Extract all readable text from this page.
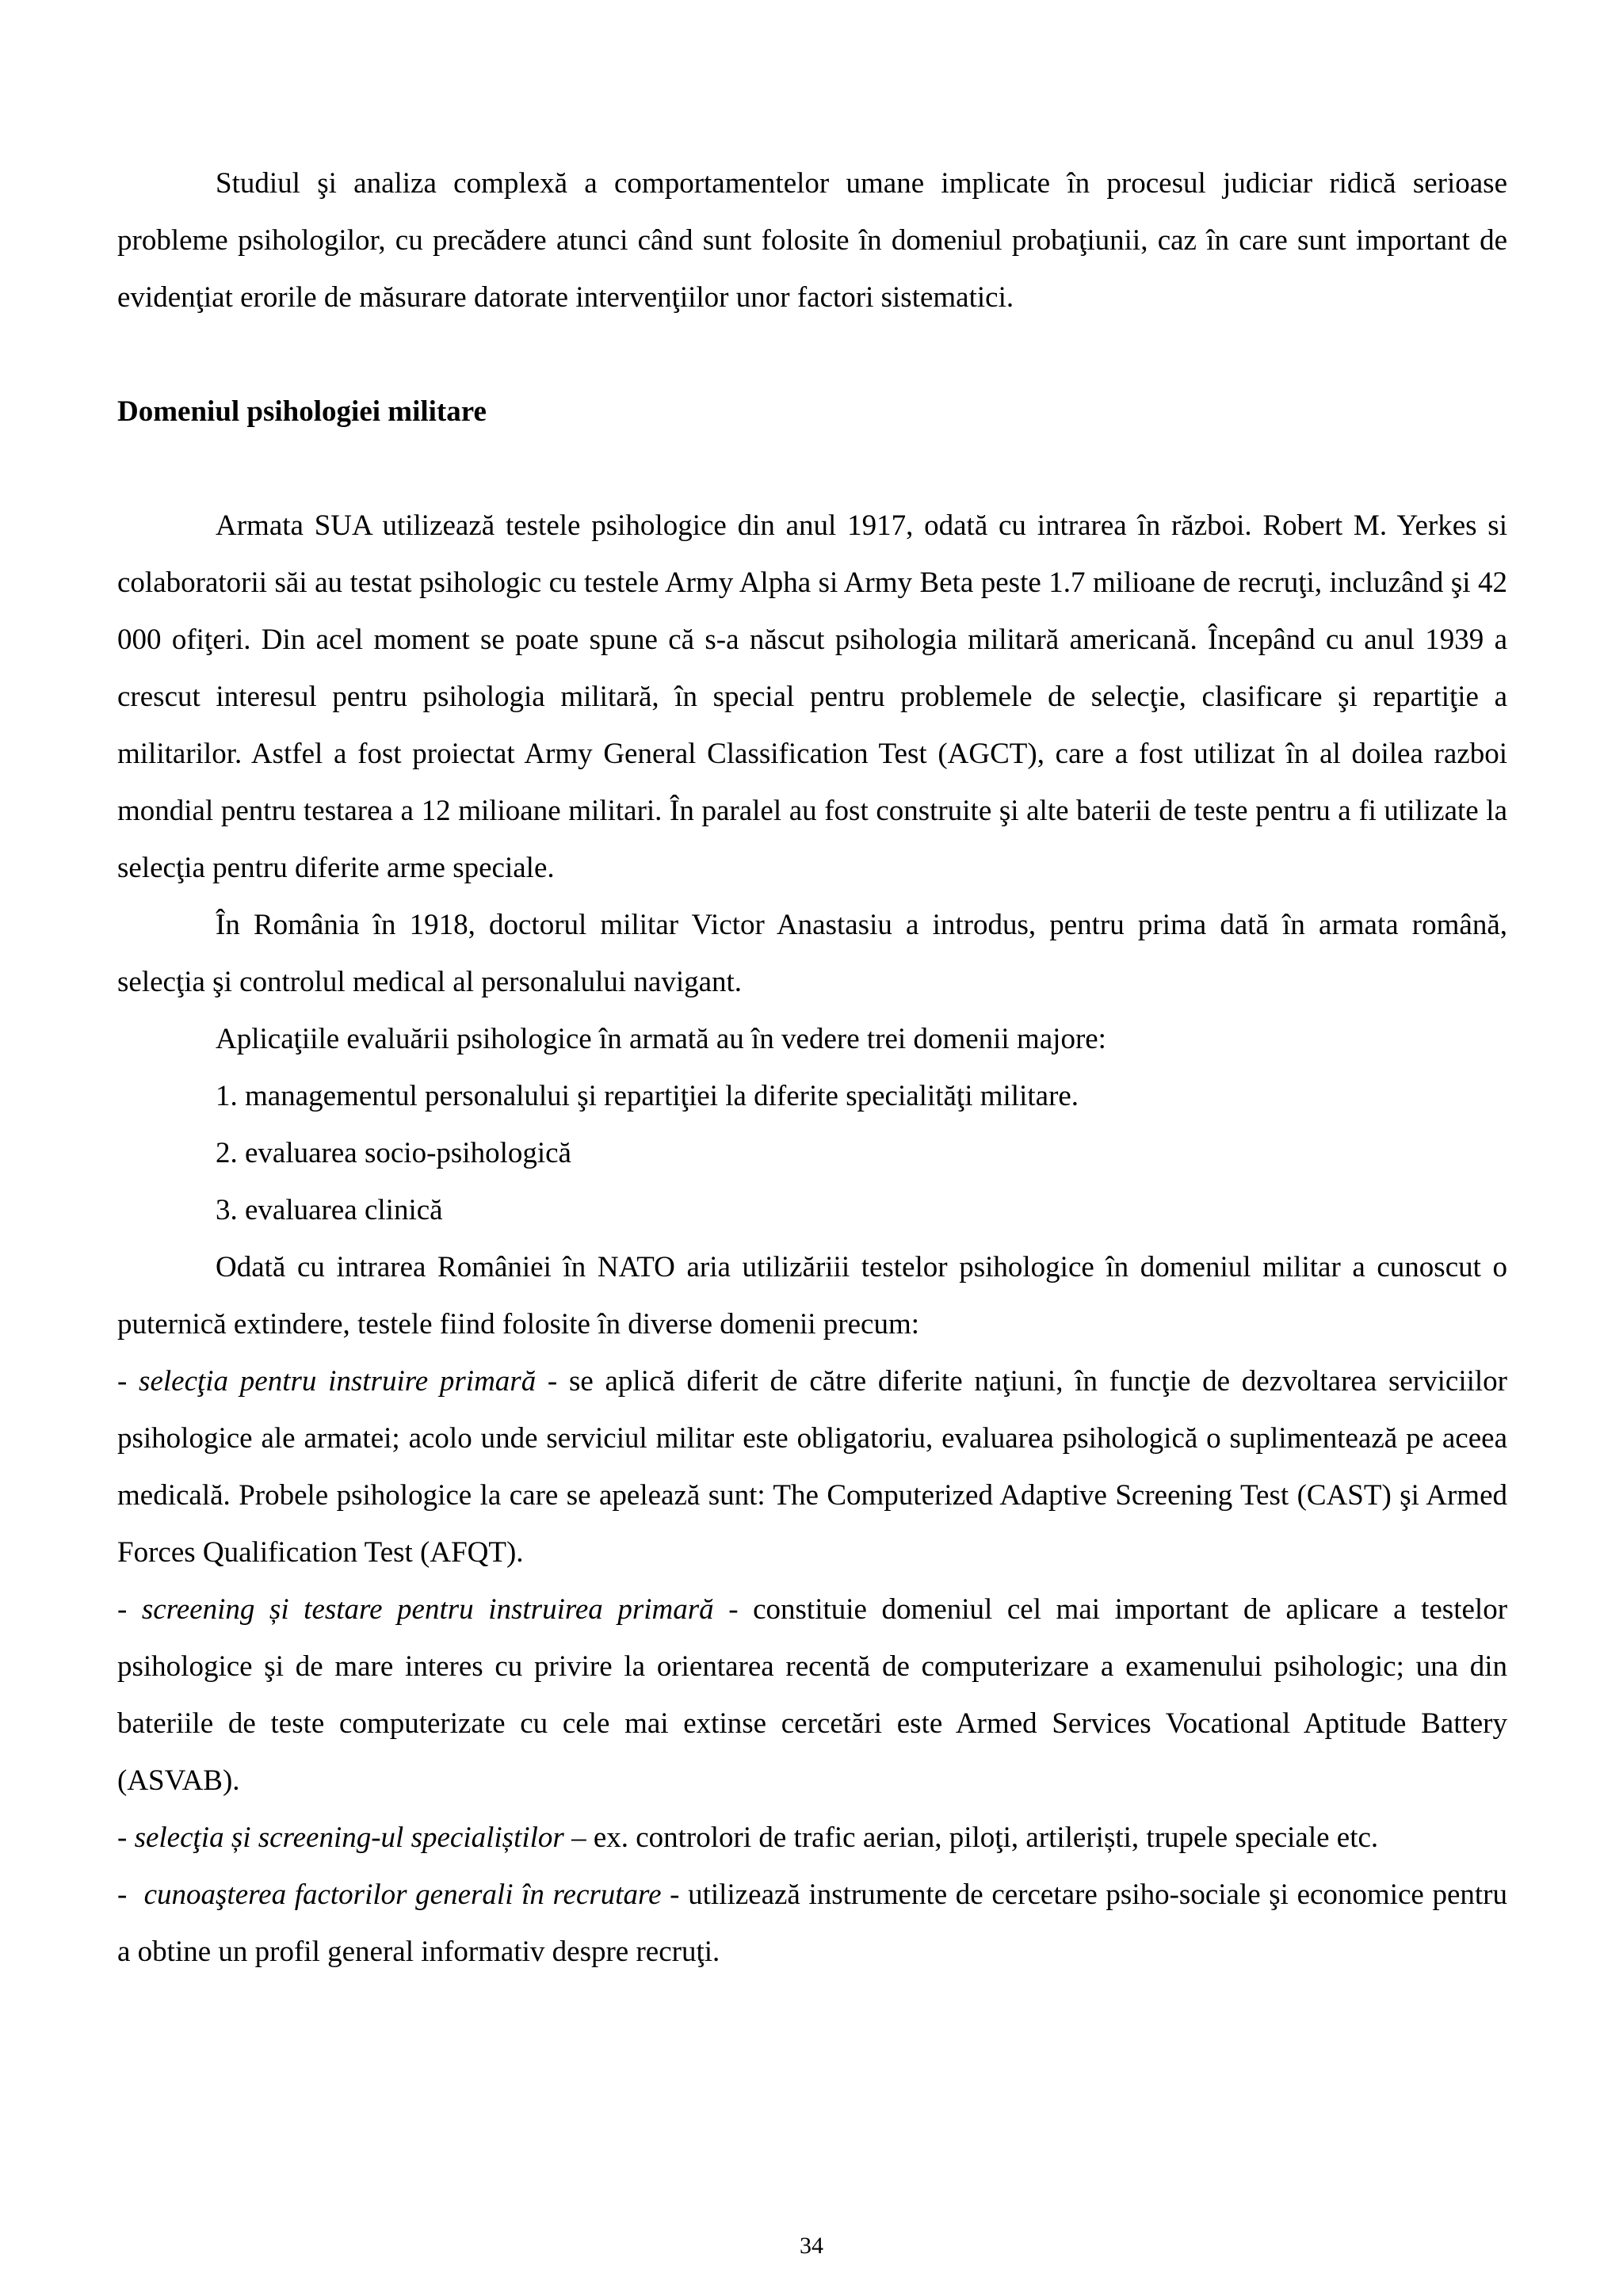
Studiul şi analiza complexă a comportamentelor umane implicate în procesul judiciar ridică serioase probleme psihologilor, cu precădere atunci când sunt folosite în domeniul probaţiunii, caz în care sunt important de evidenţiat erorile de măsurare datorate intervenţiilor unor factori sistematici.

Domeniul psihologiei militare

Armata SUA utilizează testele psihologice din anul 1917, odată cu intrarea în război. Robert M. Yerkes si colaboratorii săi au testat psihologic cu testele Army Alpha si Army Beta peste 1.7 milioane de recruţi, incluzând şi 42 000 ofiţeri. Din acel moment se poate spune că s-a născut psihologia militară americană. Începând cu anul 1939 a crescut interesul pentru psihologia militară, în special pentru problemele de selecţie, clasificare şi repartiţie a militarilor. Astfel a fost proiectat Army General Classification Test (AGCT), care a fost utilizat în al doilea razboi mondial pentru testarea a 12 milioane militari. În paralel au fost construite şi alte baterii de teste pentru a fi utilizate la selecţia pentru diferite arme speciale.

În România în 1918, doctorul militar Victor Anastasiu a introdus, pentru prima dată în armata română, selecţia şi controlul medical al personalului navigant.

Aplicaţiile evaluării psihologice în armată au în vedere trei domenii majore:

1. managementul personalului şi repartiţiei la diferite specialităţi militare.

2. evaluarea socio-psihologică

3. evaluarea clinică

Odată cu intrarea României în NATO aria utilizăriii testelor psihologice în domeniul militar a cunoscut o puternică extindere, testele fiind folosite în diverse domenii precum:

- selecţia pentru instruire primară - se aplică diferit de către diferite naţiuni, în funcţie de dezvoltarea serviciilor psihologice ale armatei; acolo unde serviciul militar este obligatoriu, evaluarea psihologică o suplimentează pe aceea medicală. Probele psihologice la care se apelează sunt: The Computerized Adaptive Screening Test (CAST) şi Armed Forces Qualification Test (AFQT).

- screening și testare pentru instruirea primară - constituie domeniul cel mai important de aplicare a testelor psihologice şi de mare interes cu privire la orientarea recentă de computerizare a examenului psihologic; una din bateriile de teste computerizate cu cele mai extinse cercetări este Armed Services Vocational Aptitude Battery (ASVAB).

- selecţia și screening-ul specialiștilor – ex. controlori de trafic aerian, piloţi, artileriști, trupele speciale etc.

-  cunoaşterea factorilor generali în recrutare - utilizează instrumente de cercetare psiho-sociale şi economice pentru a obtine un profil general informativ despre recruţi.

34
